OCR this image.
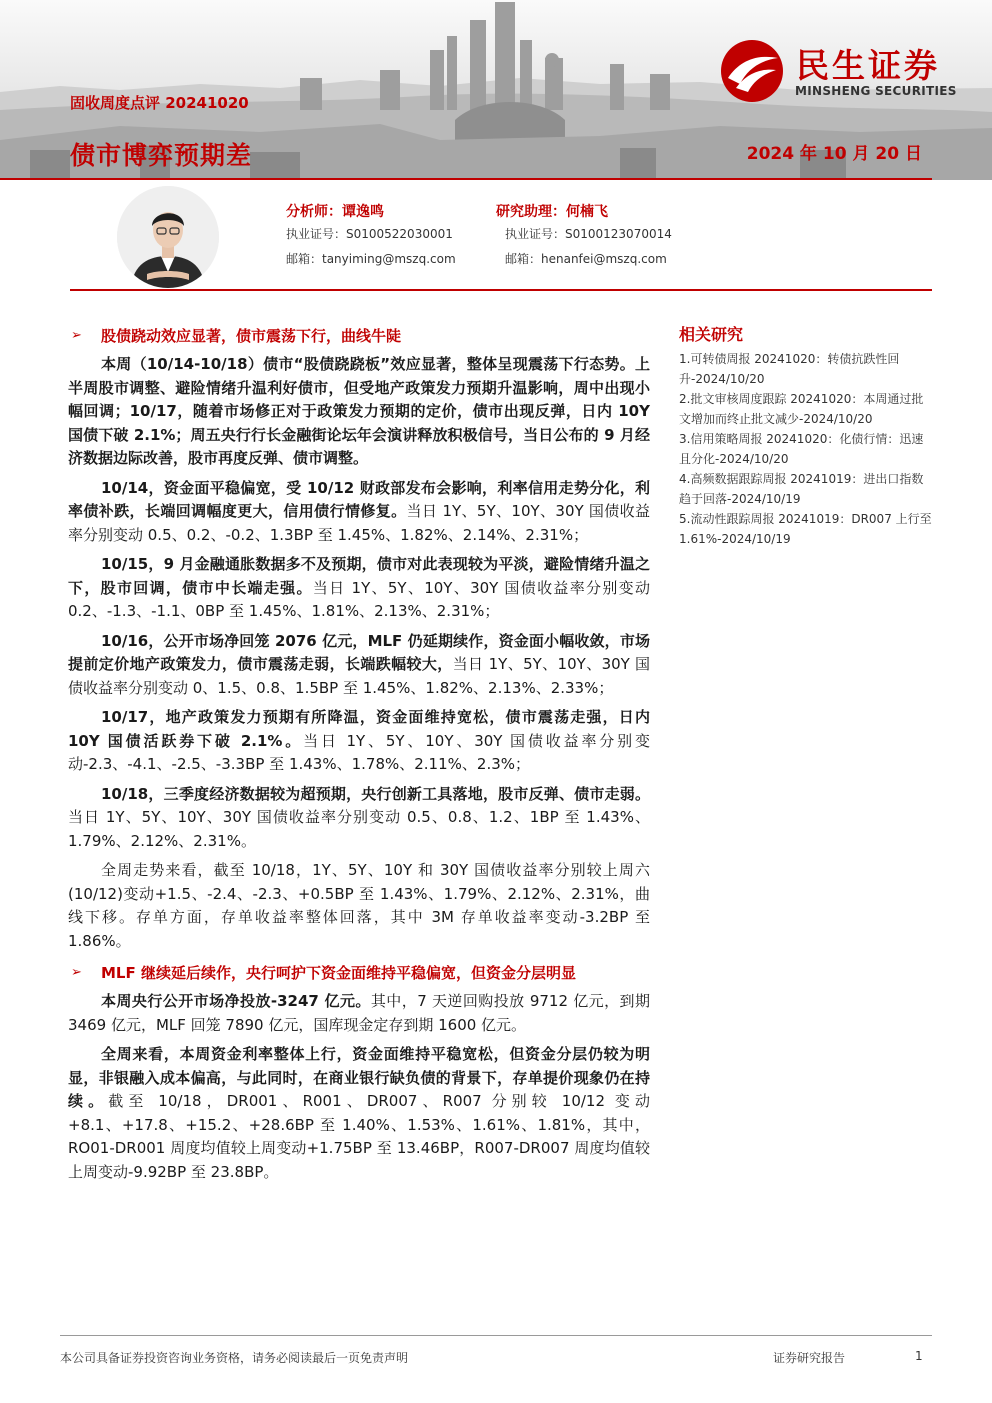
固收周度点评 20241020
债市博弈预期差	2024 年 10 月 20 日
民生证券
MINSHENG SECURITIES
分析师：谭逸鸣
执业证号：S0100522030001
邮箱：tanyiming@mszq.com
研究助理：何楠飞
执业证号：S0100123070014
邮箱：henanfei@mszq.com
➢	股债跷动效应显著，债市震荡下行，曲线牛陡

本周（10/14-10/18）债市“股债跷跷板”效应显著，整体呈现震荡下行态势。上半周股市调整、避险情绪升温利好债市，但受地产政策发力预期升温影响，周中出现小幅回调；10/17，随着市场修正对于政策发力预期的定价，债市出现反弹，日内 10Y 国债下破 2.1%；周五央行行长金融街论坛年会演讲释放积极信号，当日公布的 9 月经济数据边际改善，股市再度反弹、债市调整。

10/14，资金面平稳偏宽，受 10/12 财政部发布会影响，利率信用走势分化，利率债补跌，长端回调幅度更大，信用债行情修复。当日 1Y、5Y、10Y、30Y 国债收益率分别变动 0.5、0.2、-0.2、1.3BP 至 1.45%、1.82%、2.14%、2.31%；

10/15，9 月金融通胀数据多不及预期，债市对此表现较为平淡，避险情绪升温之下，股市回调，债市中长端走强。当日 1Y、5Y、10Y、30Y 国债收益率分别变动 0.2、-1.3、-1.1、0BP 至 1.45%、1.81%、2.13%、2.31%；

10/16，公开市场净回笼 2076 亿元，MLF 仍延期续作，资金面小幅收敛，市场提前定价地产政策发力，债市震荡走弱，长端跌幅较大，当日 1Y、5Y、10Y、30Y 国债收益率分别变动 0、1.5、0.8、1.5BP 至 1.45%、1.82%、2.13%、2.33%；

10/17，地产政策发力预期有所降温，资金面维持宽松，债市震荡走强，日内 10Y 国债活跃券下破 2.1%。当日 1Y、5Y、10Y、30Y 国债收益率分别变动-2.3、-4.1、-2.5、-3.3BP 至 1.43%、1.78%、2.11%、2.3%；

10/18，三季度经济数据较为超预期，央行创新工具落地，股市反弹、债市走弱。当日 1Y、5Y、10Y、30Y 国债收益率分别变动 0.5、0.8、1.2、1BP 至 1.43%、1.79%、2.12%、2.31%。

全周走势来看，截至 10/18，1Y、5Y、10Y 和 30Y 国债收益率分别较上周六(10/12)变动+1.5、-2.4、-2.3、+0.5BP 至 1.43%、1.79%、2.12%、2.31%，曲线下移。存单方面，存单收益率整体回落，其中 3M 存单收益率变动-3.2BP 至 1.86%。

➢	MLF 继续延后续作，央行呵护下资金面维持平稳偏宽，但资金分层明显

本周央行公开市场净投放-3247 亿元。其中，7 天逆回购投放 9712 亿元，到期 3469 亿元，MLF 回笼 7890 亿元，国库现金定存到期 1600 亿元。

全周来看，本周资金利率整体上行，资金面维持平稳宽松，但资金分层仍较为明显，非银融入成本偏高，与此同时，在商业银行缺负债的背景下，存单提价现象仍在持续。截至 10/18，DR001、R001、DR007、R007 分别较 10/12 变动+8.1、+17.8、+15.2、+28.6BP 至 1.40%、1.53%、1.61%、1.81%，其中，RO01-DR001 周度均值较上周变动+1.75BP 至 13.46BP，R007-DR007 周度均值较上周变动-9.92BP 至 23.8BP。

相关研究
1.可转债周报 20241020：转债抗跌性回升-2024/10/20
2.批文审核周度跟踪 20241020：本周通过批文增加而终止批文减少-2024/10/20
3.信用策略周报 20241020：化债行情：迅速且分化-2024/10/20
4.高频数据跟踪周报 20241019：进出口指数趋于回落-2024/10/19
5.流动性跟踪周报 20241019：DR007 上行至 1.61%-2024/10/19
本公司具备证券投资咨询业务资格，请务必阅读最后一页免责声明	证券研究报告	1
